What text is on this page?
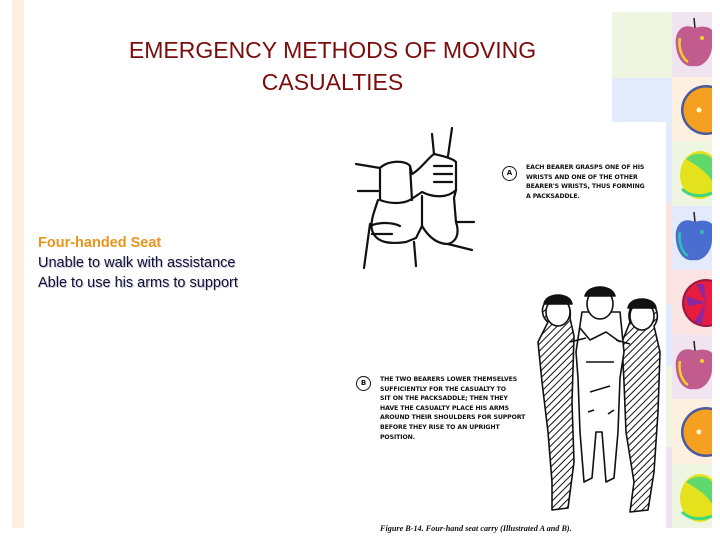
EMERGENCY METHODS OF MOVING
CASUALTIES
Four-handed Seat
Unable to walk with assistance
Able to use his arms to support
A
EACH BEARER GRASPS ONE OF HIS
WRISTS AND ONE OF THE OTHER
BEARER'S WRISTS, THUS FORMING
A PACKSADDLE.
B	THE TWO BEARERS LOWER THEMSELVES
SUFFICIENTLY FOR THE CASUALTY TO
SIT ON THE PACKSADDLE; THEN THEY
HAVE THE CASUALTY PLACE HIS ARMS
AROUND THEIR SHOULDERS FOR SUPPORT
BEFORE THEY RISE TO AN UPRIGHT
POSITION.
Figure B-14. Four-hand seat carry (Illustrated A and B).
